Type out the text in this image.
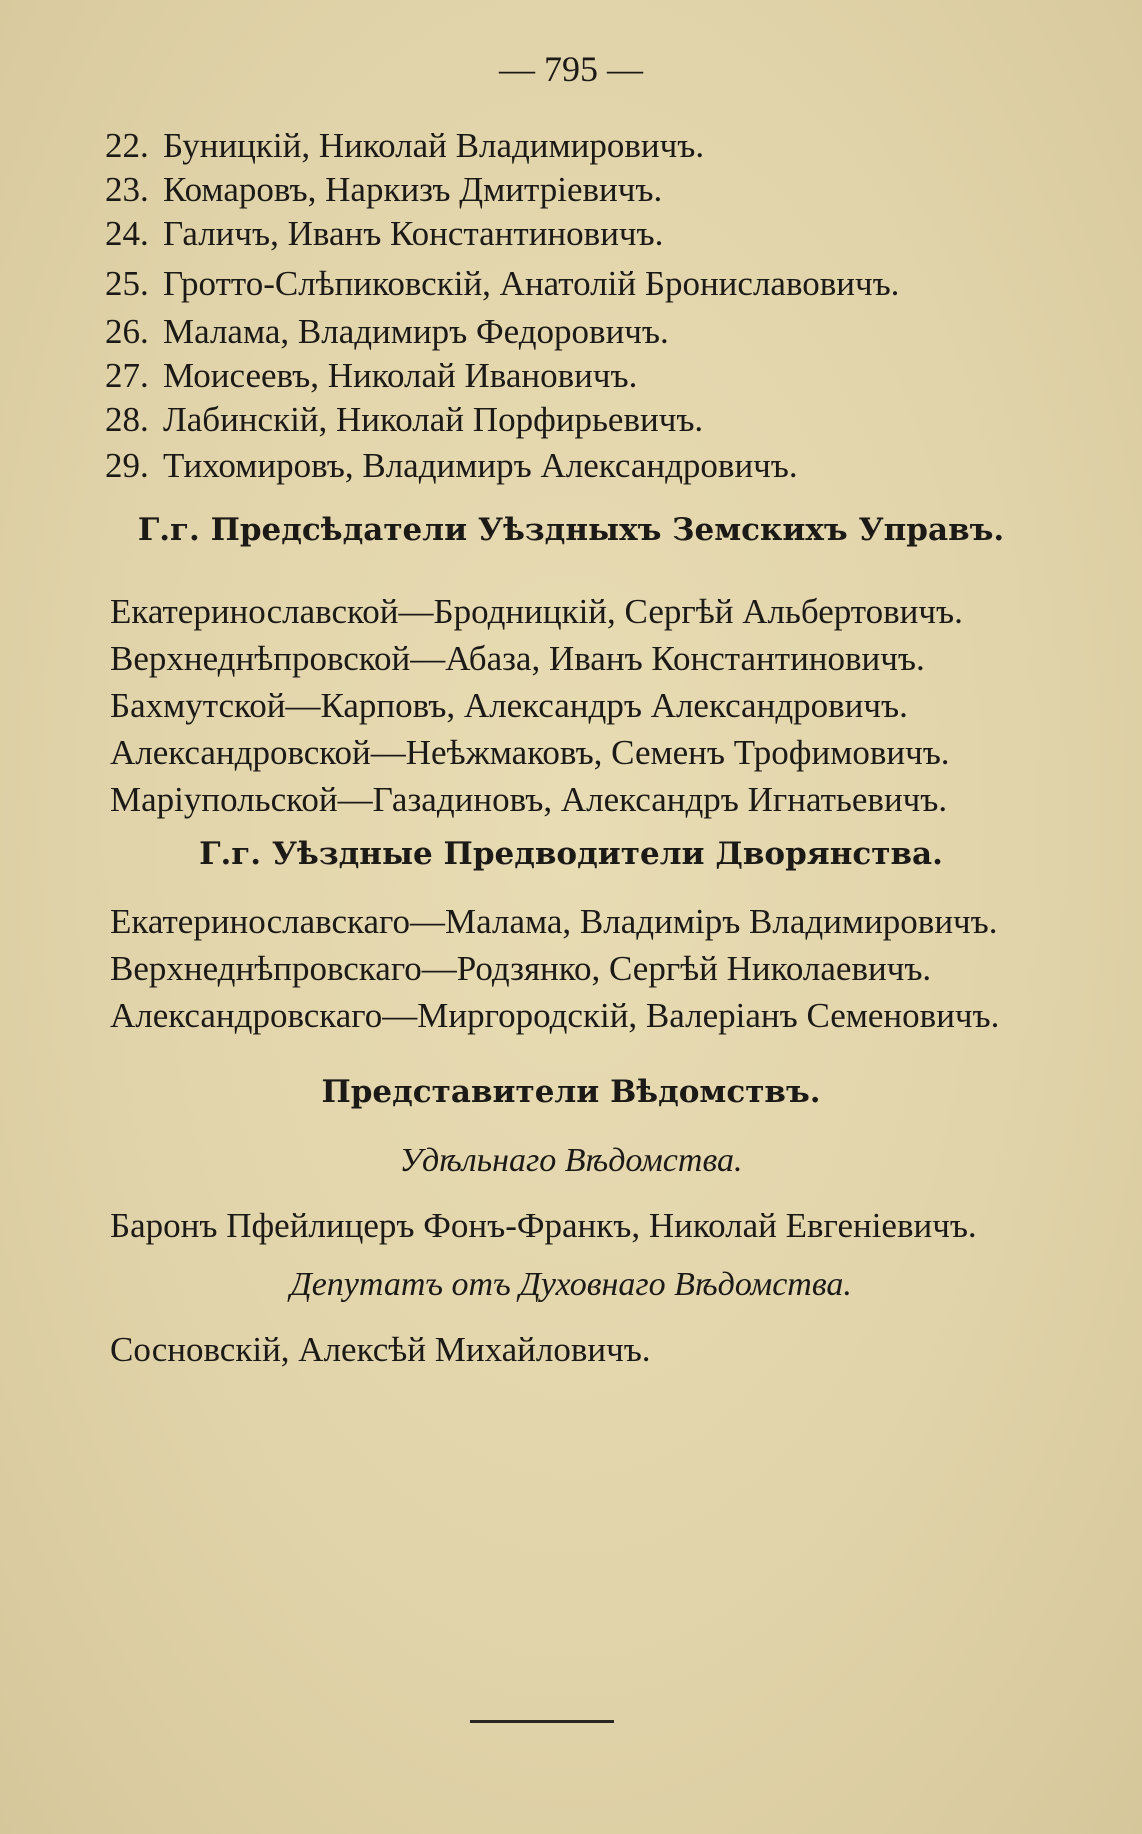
— 795 —
22. Буницкій, Николай Владимировичъ.
23. Комаровъ, Наркизъ Дмитріевичъ.
24. Галичъ, Иванъ Константиновичъ.
25. Гротто-Слѣпиковскій, Анатолій Брониславовичъ.
26. Малама, Владимиръ Федоровичъ.
27. Моисеевъ, Николай Ивановичъ.
28. Лабинскій, Николай Порфирьевичъ.
29. Тихомировъ, Владимиръ Александровичъ.
Г.г. Предсѣдатели Уѣздныхъ Земскихъ Управъ.
Екатеринославской—Бродницкій, Сергѣй Альбертовичъ.
Верхнеднѣпровской—Абаза, Иванъ Константиновичъ.
Бахмутской—Карповъ, Александръ Александровичъ.
Александровской—Неѣжмаковъ, Семенъ Трофимовичъ.
Маріупольской—Газадиновъ, Александръ Игнатьевичъ.
Г.г. Уѣздные Предводители Дворянства.
Екатеринославскаго—Малама, Владиміръ Владимировичъ.
Верхнеднѣпровскаго—Родзянко, Сергѣй Николаевичъ.
Александровскаго—Миргородскій, Валеріанъ Семеновичъ.
Представители Вѣдомствъ.
Удѣльнаго Вѣдомства.
Баронъ Пфейлицеръ Фонъ-Франкъ, Николай Евгеніевичъ.
Депутатъ отъ Духовнаго Вѣдомства.
Сосновскій, Алексѣй Михайловичъ.
